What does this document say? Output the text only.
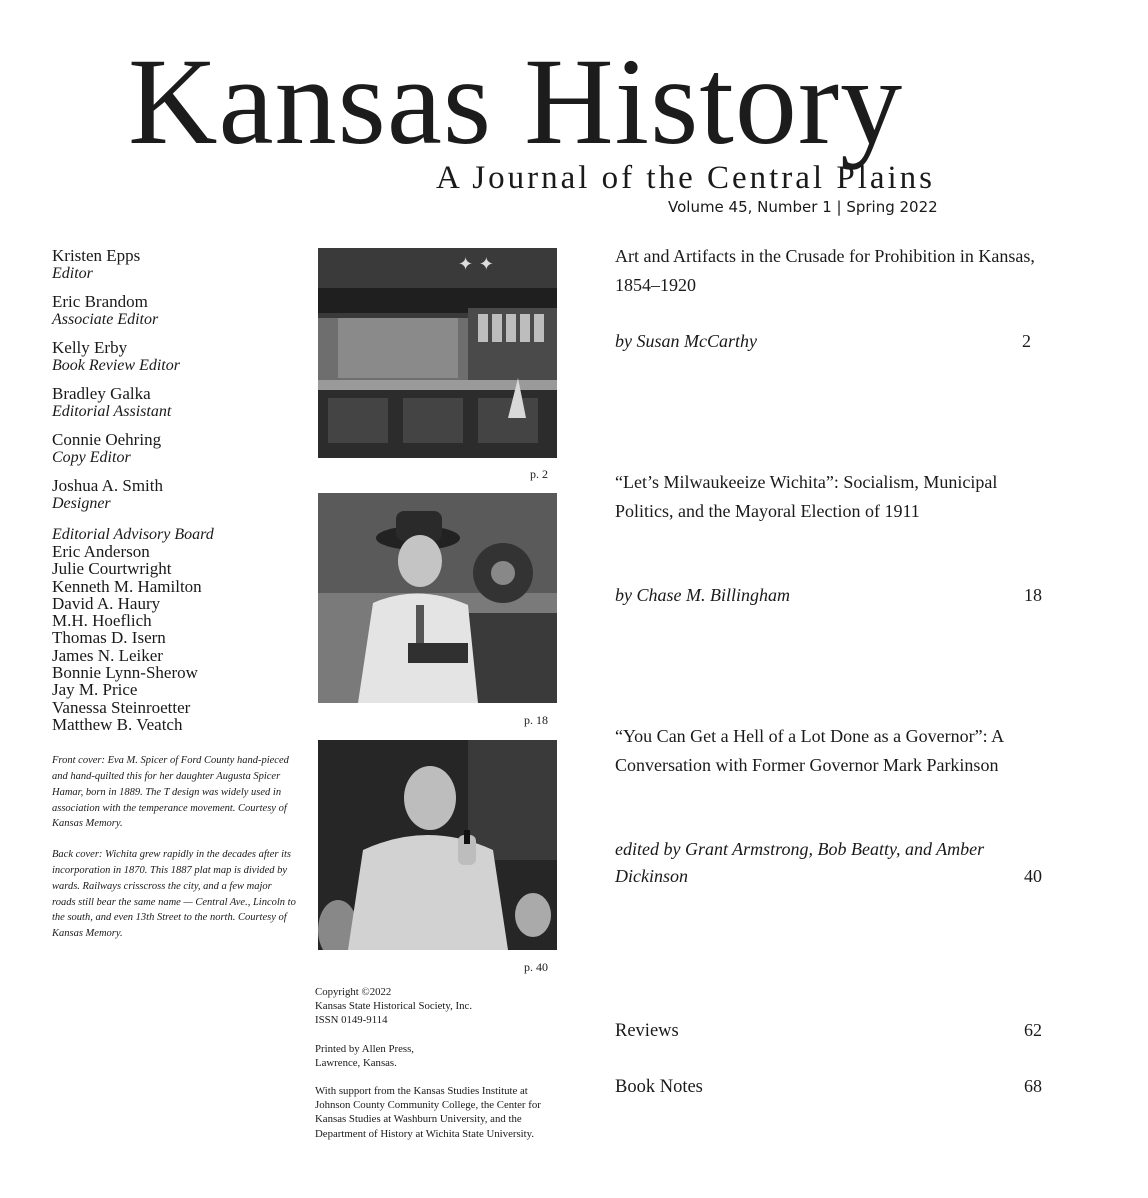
Kansas History
A Journal of the Central Plains
Volume 45, Number 1 | Spring 2022
Kristen Epps
Editor
Eric Brandom
Associate Editor
Kelly Erby
Book Review Editor
Bradley Galka
Editorial Assistant
Connie Oehring
Copy Editor
Joshua A. Smith
Designer
Editorial Advisory Board
Eric Anderson
Julie Courtwright
Kenneth M. Hamilton
David A. Haury
M.H. Hoeflich
Thomas D. Isern
James N. Leiker
Bonnie Lynn-Sherow
Jay M. Price
Vanessa Steinroetter
Matthew B. Veatch
Front cover: Eva M. Spicer of Ford County hand-pieced and hand-quilted this for her daughter Augusta Spicer Hamar, born in 1889. The T design was widely used in association with the temperance movement. Courtesy of Kansas Memory.
Back cover: Wichita grew rapidly in the decades after its incorporation in 1870. This 1887 plat map is divided by wards. Railways crisscross the city, and a few major roads still bear the same name — Central Ave., Lincoln to the south, and even 13th Street to the north. Courtesy of Kansas Memory.
✦ ✦
p. 2
p. 18
p. 40

Copyright ©2022
Kansas State Historical Society, Inc.
ISSN 0149-9114

Printed by Allen Press,
Lawrence, Kansas.

With support from the Kansas Studies Institute at Johnson County Community College, the Center for Kansas Studies at Washburn University, and the Department of History at Wichita State University.

Art and Artifacts in the Crusade for Prohibition in Kansas, 1854–1920
by Susan McCarthy	2
“Let’s Milwaukeeize Wichita”: Socialism, Municipal Politics, and the Mayoral Election of 1911
by Chase M. Billingham	18
“You Can Get a Hell of a Lot Done as a Governor”: A Conversation with Former Governor Mark Parkinson
edited by Grant Armstrong, Bob Beatty, and Amber Dickinson	40
Reviews	62
Book Notes	68
